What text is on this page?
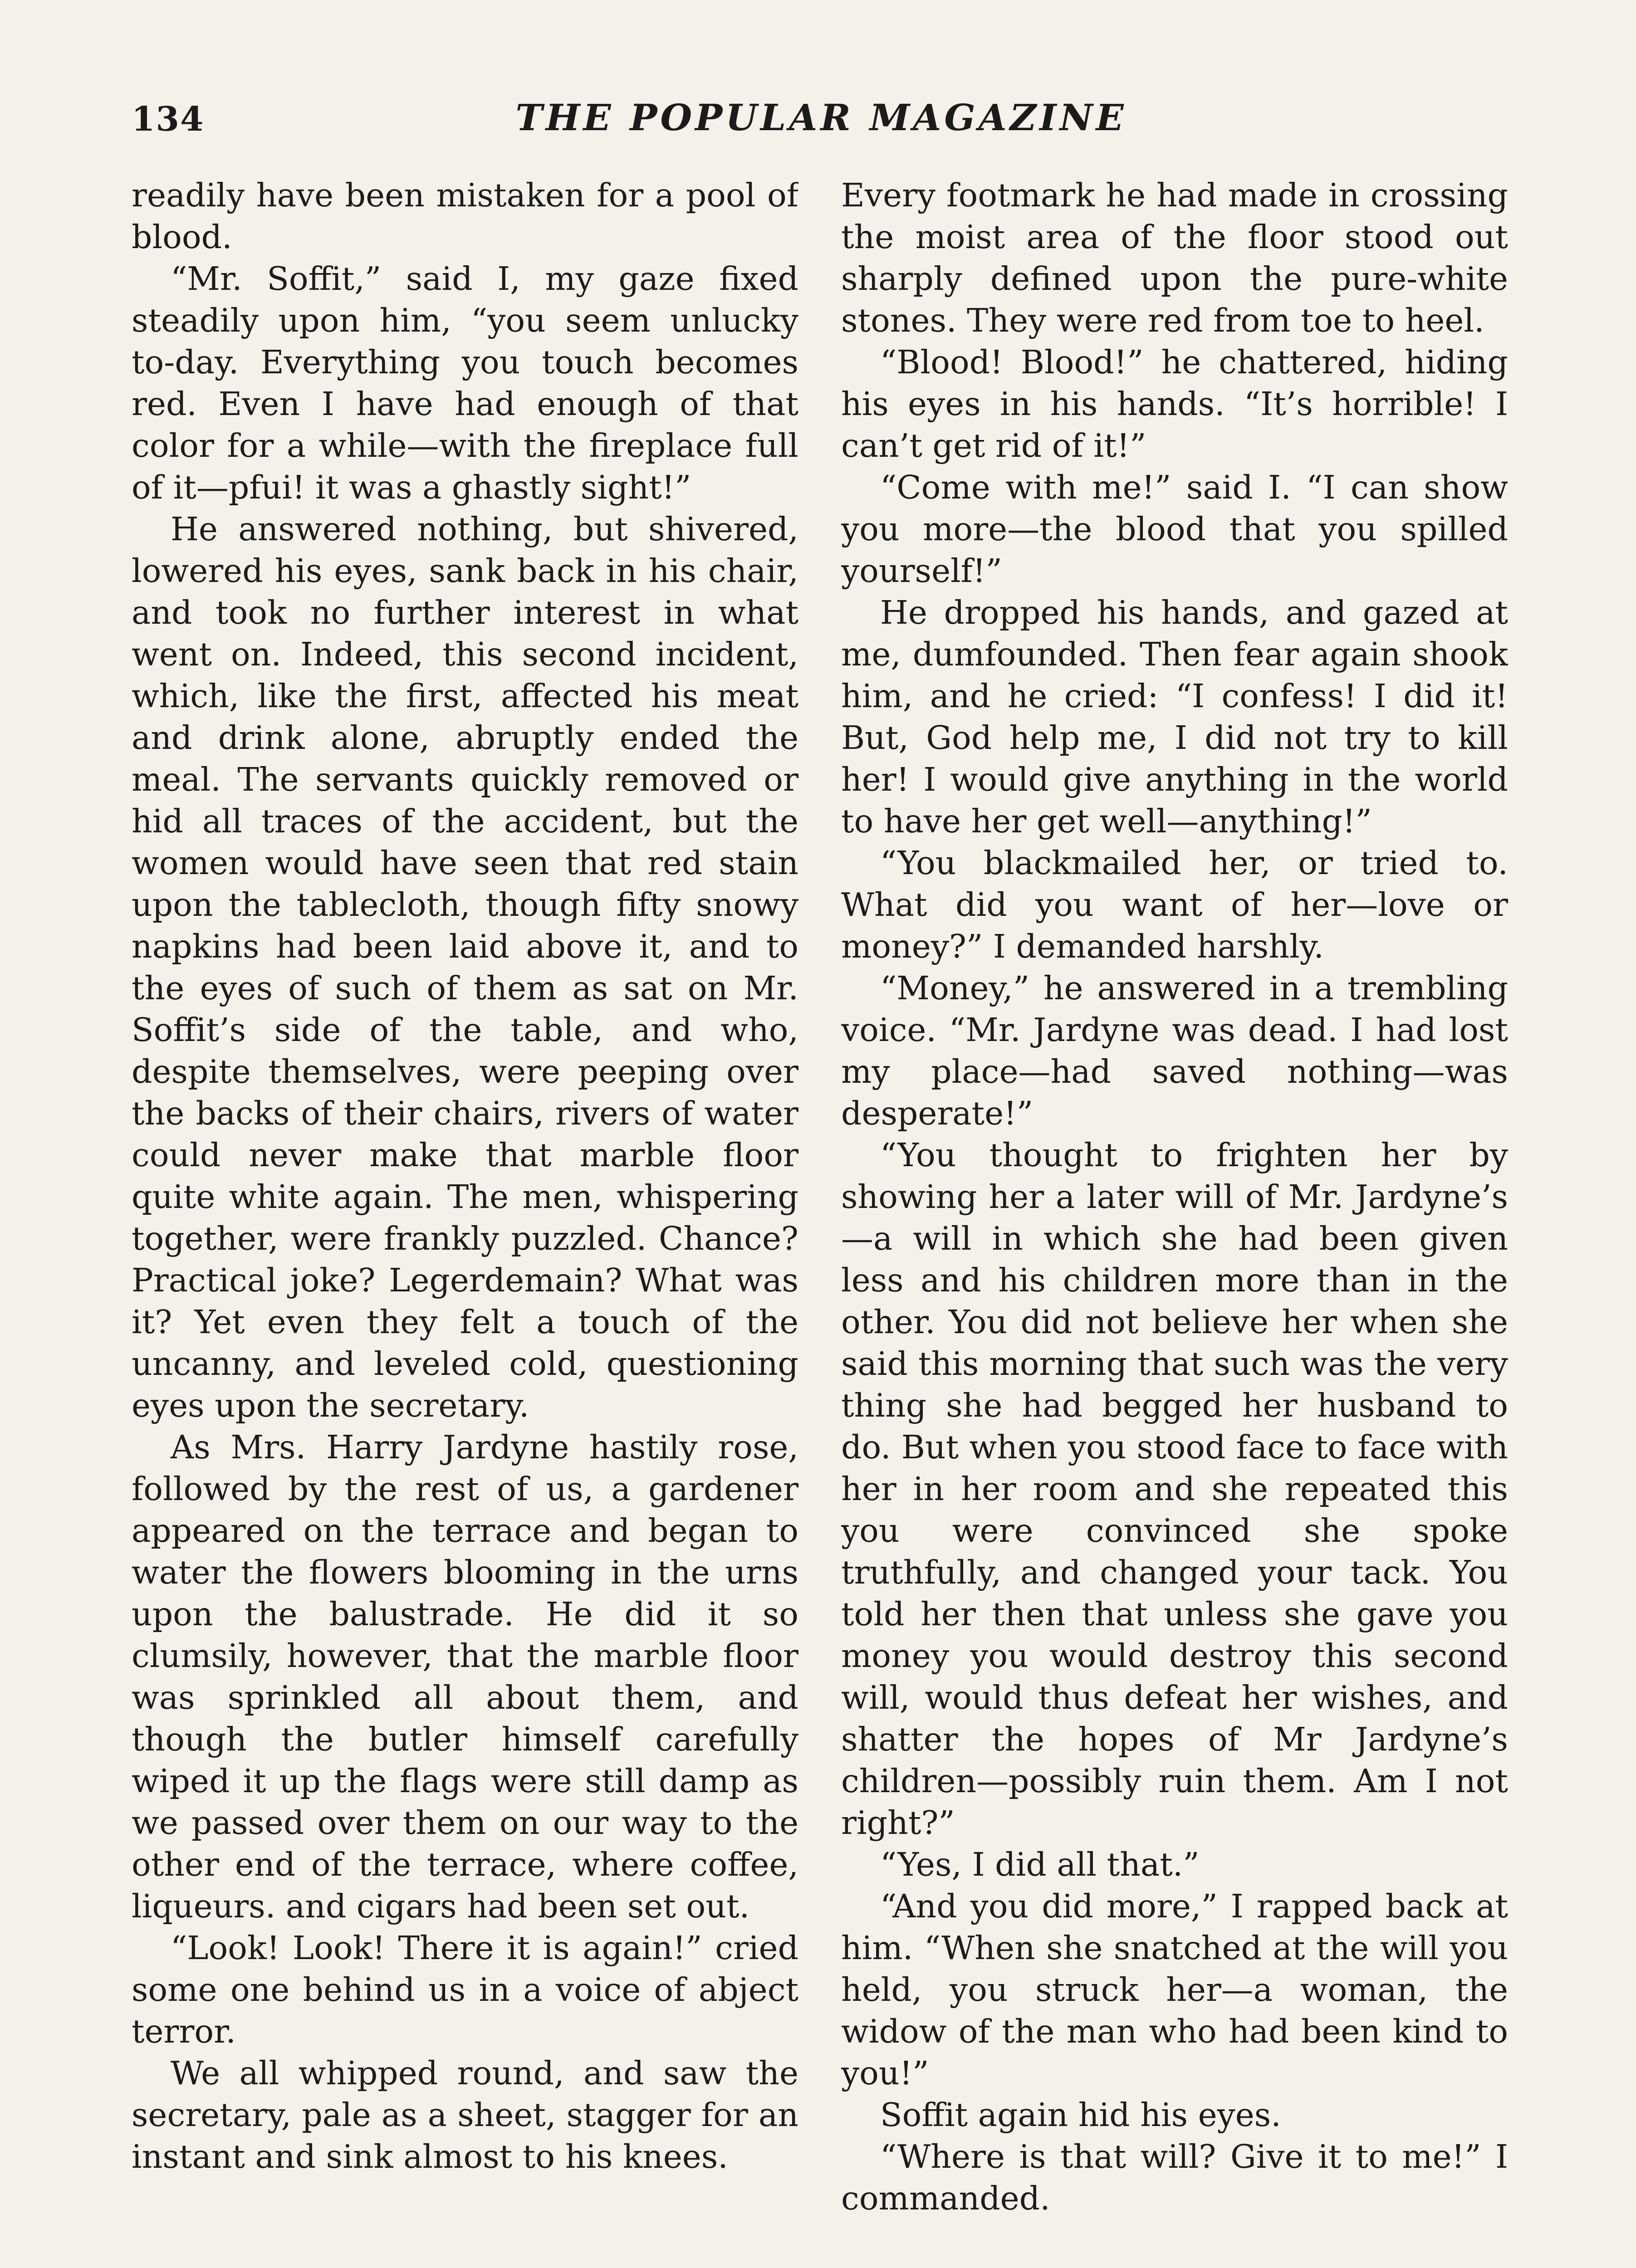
134	THE POPULAR MAGAZINE

readily have been mistaken for a pool of blood.

“Mr. Soffit,” said I, my gaze fixed steadily upon him, “you seem unlucky to-day. Everything you touch becomes red. Even I have had enough of that color for a while—with the fireplace full of it—pfui! it was a ghastly sight!”

He answered nothing, but shivered, lowered his eyes, sank back in his chair, and took no further interest in what went on. Indeed, this second incident, which, like the first, affected his meat and drink alone, abruptly ended the meal. The servants quickly removed or hid all traces of the accident, but the women would have seen that red stain upon the tablecloth, though fifty snowy napkins had been laid above it, and to the eyes of such of them as sat on Mr. Soffit’s side of the table, and who, despite themselves, were peeping over the backs of their chairs, rivers of water could never make that marble floor quite white again. The men, whispering together, were frankly puzzled. Chance? Practical joke? Legerdemain? What was it? Yet even they felt a touch of the uncanny, and leveled cold, questioning eyes upon the secretary.

As Mrs. Harry Jardyne hastily rose, followed by the rest of us, a gardener appeared on the terrace and began to water the flowers blooming in the urns upon the balustrade. He did it so clumsily, however, that the marble floor was sprinkled all about them, and though the butler himself carefully wiped it up the flags were still damp as we passed over them on our way to the other end of the terrace, where coffee, liqueurs. and cigars had been set out.

“Look! Look! There it is again!” cried some one behind us in a voice of abject terror.

We all whipped round, and saw the secretary, pale as a sheet, stagger for an instant and sink almost to his knees.

Every footmark he had made in crossing the moist area of the floor stood out sharply defined upon the pure-white stones. They were red from toe to heel.

“Blood! Blood!” he chattered, hiding his eyes in his hands. “It’s horrible! I can’t get rid of it!”

“Come with me!” said I. “I can show you more—the blood that you spilled yourself!”

He dropped his hands, and gazed at me, dumfounded. Then fear again shook him, and he cried: “I confess! I did it! But, God help me, I did not try to kill her! I would give anything in the world to have her get well—anything!”

“You blackmailed her, or tried to. What did you want of her—love or money?” I demanded harshly.

“Money,” he answered in a trembling voice. “Mr. Jardyne was dead. I had lost my place—had saved nothing—was desperate!”

“You thought to frighten her by showing her a later will of Mr. Jardyne’s—a will in which she had been given less and his children more than in the other. You did not believe her when she said this morning that such was the very thing she had begged her husband to do. But when you stood face to face with her in her room and she repeated this you were convinced she spoke truthfully, and changed your tack. You told her then that unless she gave you money you would destroy this second will, would thus defeat her wishes, and shatter the hopes of Mr Jardyne’s children—possibly ruin them. Am I not right?”

“Yes, I did all that.”

“And you did more,” I rapped back at him. “When she snatched at the will you held, you struck her—a woman, the widow of the man who had been kind to you!”

Soffit again hid his eyes.

“Where is that will? Give it to me!” I commanded.
